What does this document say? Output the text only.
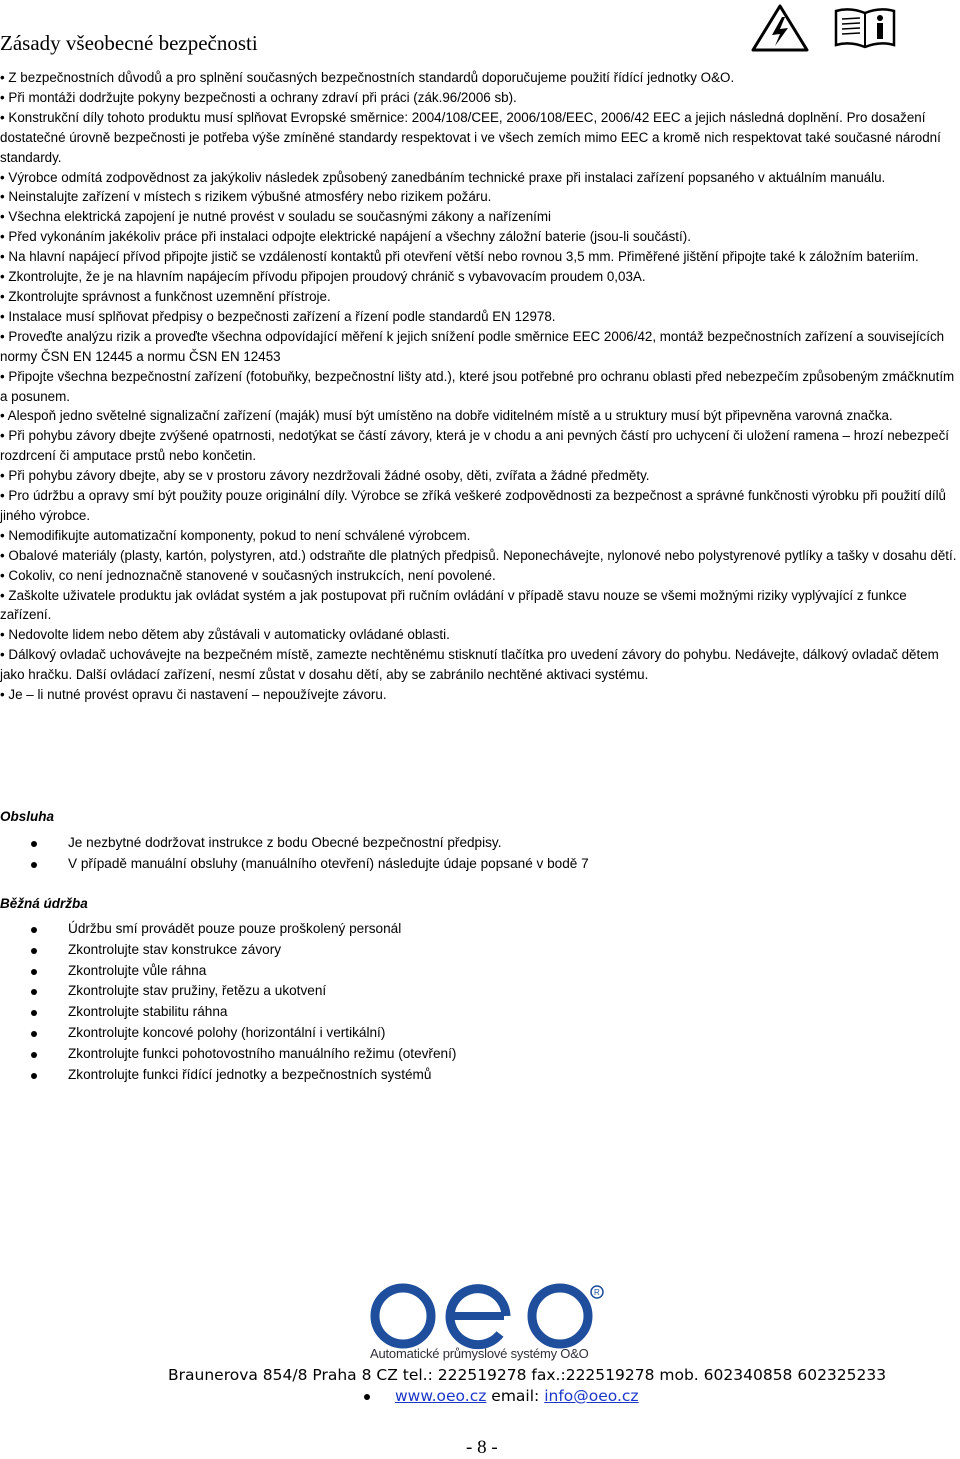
Zásady všeobecné bezpečnosti

• Z bezpečnostních důvodů a pro splnění současných bezpečnostních standardů doporučujeme použití řídící jednotky O&O.

• Při montáži dodržujte pokyny bezpečnosti a ochrany zdraví při práci (zák.96/2006 sb).

• Konstrukční díly tohoto produktu musí splňovat Evropské směrnice: 2004/108/CEE, 2006/108/EEC, 2006/42 EEC a jejich následná doplnění. Pro dosažení dostatečné úrovně bezpečnosti je potřeba výše zmíněné standardy respektovat i ve všech zemích mimo EEC a kromě nich respektovat také současné národní standardy.

• Výrobce odmítá zodpovědnost za jakýkoliv následek způsobený zanedbáním technické praxe při instalaci zařízení popsaného v aktuálním manuálu.

• Neinstalujte zařízení v místech s rizikem výbušné atmosféry nebo rizikem požáru.

• Všechna elektrická zapojení je nutné provést v souladu se současnými zákony a nařízeními

• Před vykonáním jakékoliv práce při instalaci odpojte elektrické napájení a všechny záložní baterie (jsou-li součástí).

• Na hlavní napájecí přívod připojte jistič se vzdáleností kontaktů při otevření větší nebo rovnou 3,5 mm. Přiměřené jištění připojte také k záložním bateriím.

• Zkontrolujte, že je na hlavním napájecím přívodu připojen proudový chránič s vybavovacím proudem 0,03A.

• Zkontrolujte správnost a funkčnost uzemnění přístroje.

• Instalace musí splňovat předpisy o bezpečnosti zařízení a řízení podle standardů EN 12978.

• Proveďte analýzu rizik a proveďte všechna odpovídající měření k jejich snížení podle směrnice EEC 2006/42, montáž bezpečnostních zařízení a souvisejících normy ČSN EN 12445 a normu ČSN EN 12453

• Připojte všechna bezpečnostní zařízení (fotobuňky, bezpečnostní lišty atd.), které jsou potřebné pro ochranu oblasti před nebezpečím způsobeným zmáčknutím a posunem.

• Alespoň jedno světelné signalizační zařízení (maják) musí být umístěno na dobře viditelném místě a u struktury musí být připevněna varovná značka.

• Při pohybu závory dbejte zvýšené opatrnosti, nedotýkat se částí závory, která je v chodu a ani pevných částí pro uchycení či uložení ramena – hrozí nebezpečí rozdrcení či amputace prstů nebo končetin.

• Při pohybu závory dbejte, aby se v prostoru závory nezdržovali žádné osoby, děti, zvířata a žádné předměty.

• Pro údržbu a opravy smí být použity pouze originální díly. Výrobce se zříká veškeré zodpovědnosti za bezpečnost a správné funkčnosti výrobku při použití dílů jiného výrobce.

• Nemodifikujte automatizační komponenty, pokud to není schválené výrobcem.

• Obalové materiály (plasty, kartón, polystyren, atd.) odstraňte dle platných předpisů. Neponechávejte, nylonové nebo polystyrenové pytlíky a tašky v dosahu dětí.

• Cokoliv, co není jednoznačně stanovené v současných instrukcích, není povolené.

• Zaškolte uživatele produktu jak ovládat systém a jak postupovat při ručním ovládání v případě stavu nouze se všemi možnými riziky vyplývající z funkce zařízení.

• Nedovolte lidem nebo dětem aby zůstávali v automaticky ovládané oblasti.

• Dálkový ovladač uchovávejte na bezpečném místě, zamezte nechtěnému stisknutí tlačítka pro uvedení závory do pohybu. Nedávejte, dálkový ovladač dětem jako hračku. Další ovládací zařízení, nesmí zůstat v dosahu dětí, aby se zabránilo nechtěné aktivaci systému.

• Je – li nutné provést opravu či nastavení – nepoužívejte závoru.

Obsluha
Je nezbytné dodržovat instrukce z bodu Obecné bezpečnostní předpisy.
V případě manuální obsluhy (manuálního otevření) následujte údaje popsané v bodě 7
Běžná údržba
Údržbu smí provádět pouze pouze proškolený personál
Zkontrolujte stav konstrukce závory
Zkontrolujte vůle ráhna
Zkontrolujte stav pružiny, řetězu a ukotvení
Zkontrolujte stabilitu ráhna
Zkontrolujte koncové polohy (horizontální i vertikální)
Zkontrolujte funkci pohotovostního manuálního režimu (otevření)
Zkontrolujte funkci řídící jednotky a bezpečnostních systémů
R
Automatické průmyslové systémy O&O
Braunerova 854/8 Praha 8 CZ tel.: 222519278 fax.:222519278 mob. 602340858 602325233
www.oeo.cz email: info@oeo.cz
- 8 -
